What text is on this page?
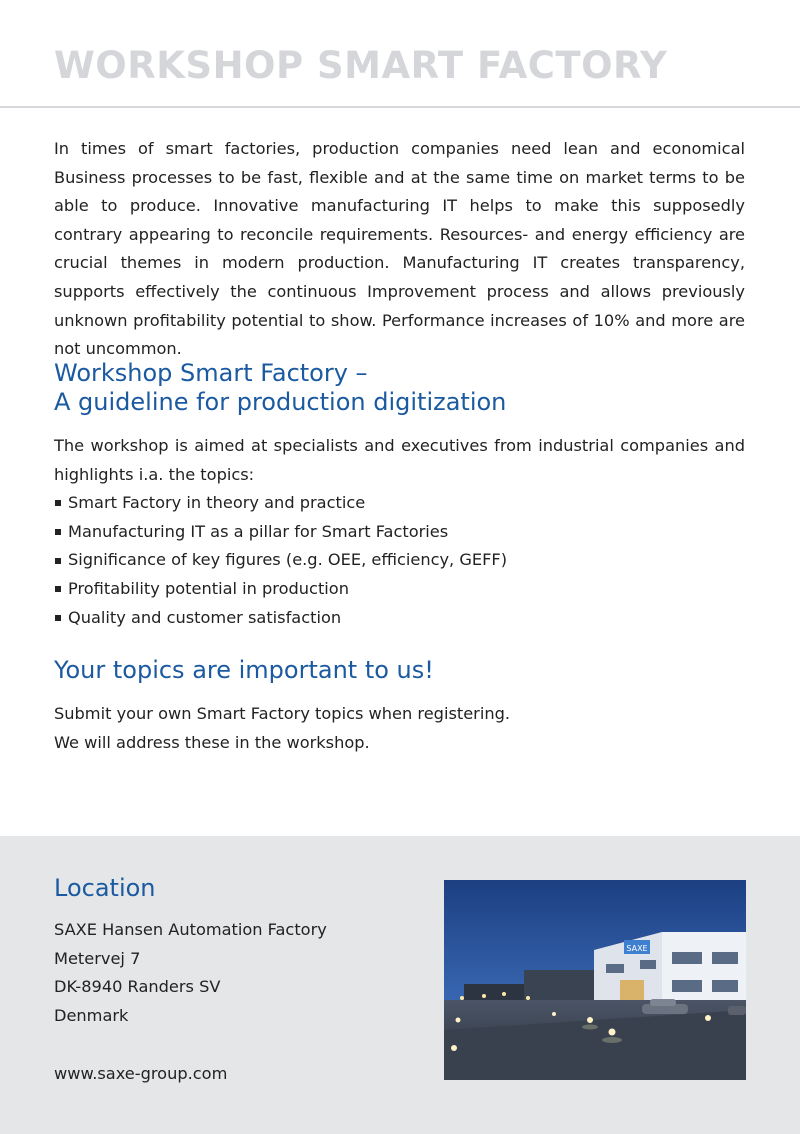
WORKSHOP SMART FACTORY

In times of smart factories, production companies need lean and economical Business processes to be fast, flexible and at the same time on market terms to be able to produce. Innovative manufacturing IT helps to make this supposedly contrary appearing to reconcile requirements. Resources- and energy efficiency are crucial themes in modern production. Manufacturing IT creates transparency, supports effectively the continuous Improvement process and allows previously unknown profitability potential to show. Performance increases of 10% and more are not uncommon.

Workshop Smart Factory –
A guideline for production digitization

The workshop is aimed at specialists and executives from industrial companies and highlights i.a. the topics:

Smart Factory in theory and practice
Manufacturing IT as a pillar for Smart Factories
Significance of key figures (e.g. OEE, efficiency, GEFF)
Profitability potential in production
Quality and customer satisfaction
Your topics are important to us!
Submit your own Smart Factory topics when registering.
We will address these in the workshop.
Location
SAXE Hansen Automation Factory
Metervej 7
DK-8940 Randers SV
Denmark
www.saxe-group.com
SAXE
